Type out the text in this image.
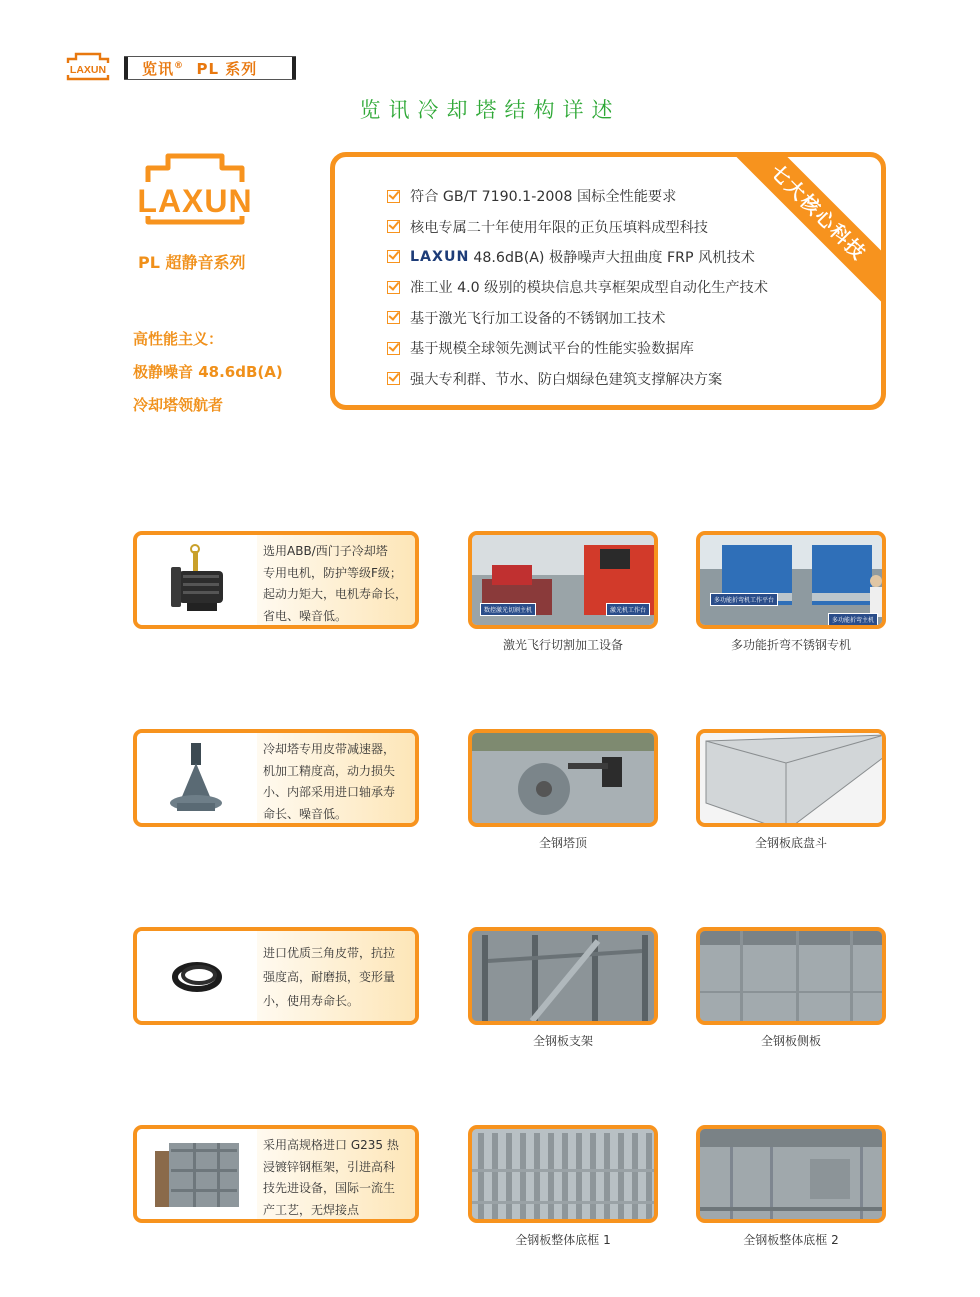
LAXUN 览讯® PL 系列
览讯冷却塔结构详述
LAXUN
PL 超静音系列
高性能主义：
极静噪音 48.6dB(A)
冷却塔领航者
符合 GB/T 7190.1-2008 国标全性能要求
核电专属二十年使用年限的正负压填料成型科技
LAXUN 48.6dB(A) 极静噪声大扭曲度 FRP 风机技术
准工业 4.0 级别的模块信息共享框架成型自动化生产技术
基于激光飞行加工设备的不锈钢加工技术
基于规模全球领先测试平台的性能实验数据库
强大专利群、节水、防白烟绿色建筑支撑解决方案
七大核心科技
选用ABB/西门子冷却塔
专用电机，防护等级F级；
起动力矩大，电机寿命长，
省电、噪音低。
冷却塔专用皮带减速器，
机加工精度高，动力损失
小、内部采用进口轴承寿
命长、噪音低。
进口优质三角皮带，抗拉
强度高，耐磨损，变形量
小，使用寿命长。
采用高规格进口 G235 热
浸镀锌钢框架，引进高科
技先进设备，国际一流生
产工艺，无焊接点
数控激光切割主机	激光机工作台
激光飞行切割加工设备
多功能折弯机工作平台
多功能折弯主机
多功能折弯不锈钢专机
全钢塔顶	全钢板底盘斗
全钢板支架	全钢板侧板
全钢板整体底框 1	全钢板整体底框 2
